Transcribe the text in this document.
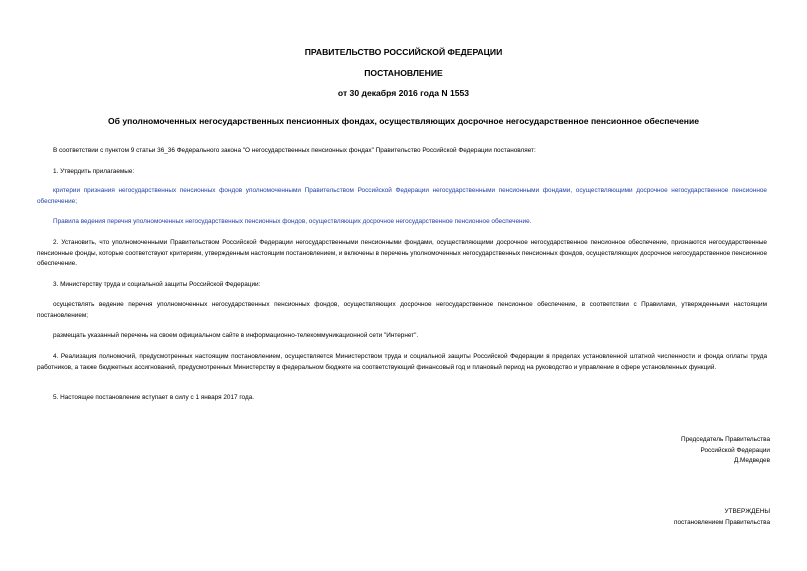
ПРАВИТЕЛЬСТВО РОССИЙСКОЙ ФЕДЕРАЦИИ
ПОСТАНОВЛЕНИЕ
от 30 декабря 2016 года N 1553
Об уполномоченных негосударственных пенсионных фондах, осуществляющих досрочное негосударственное пенсионное обеспечение
В соответствии с пунктом 9 статьи 36_36 Федерального закона "О негосударственных пенсионных фондах" Правительство Российской Федерации постановляет:
1. Утвердить прилагаемые:
критерии признания негосударственных пенсионных фондов уполномоченными Правительством Российской Федерации негосударственными пенсионными фондами, осуществляющими досрочное негосударственное пенсионное обеспечение;
Правила ведения перечня уполномоченных негосударственных пенсионных фондов, осуществляющих досрочное негосударственное пенсионное обеспечение.
2. Установить, что уполномоченными Правительством Российской Федерации негосударственными пенсионными фондами, осуществляющими досрочное негосударственное пенсионное обеспечение, признаются негосударственные пенсионные фонды, которые соответствуют критериям, утвержденным настоящим постановлением, и включены в перечень уполномоченных негосударственных пенсионных фондов, осуществляющих досрочное негосударственное пенсионное обеспечение.
3. Министерству труда и социальной защиты Российской Федерации:
осуществлять ведение перечня уполномоченных негосударственных пенсионных фондов, осуществляющих досрочное негосударственное пенсионное обеспечение, в соответствии с Правилами, утвержденными настоящим постановлением;
размещать указанный перечень на своем официальном сайте в информационно-телекоммуникационной сети "Интернет".
4. Реализация полномочий, предусмотренных настоящим постановлением, осуществляется Министерством труда и социальной защиты Российской Федерации в пределах установленной штатной численности и фонда оплаты труда работников, а также бюджетных ассигнований, предусмотренных Министерству в федеральном бюджете на соответствующий финансовый год и плановый период на руководство и управление в сфере установленных функций.
5. Настоящее постановление вступает в силу с 1 января 2017 года.
Председатель Правительства
Российской Федерации
Д.Медведев
УТВЕРЖДЕНЫ
постановлением Правительства
